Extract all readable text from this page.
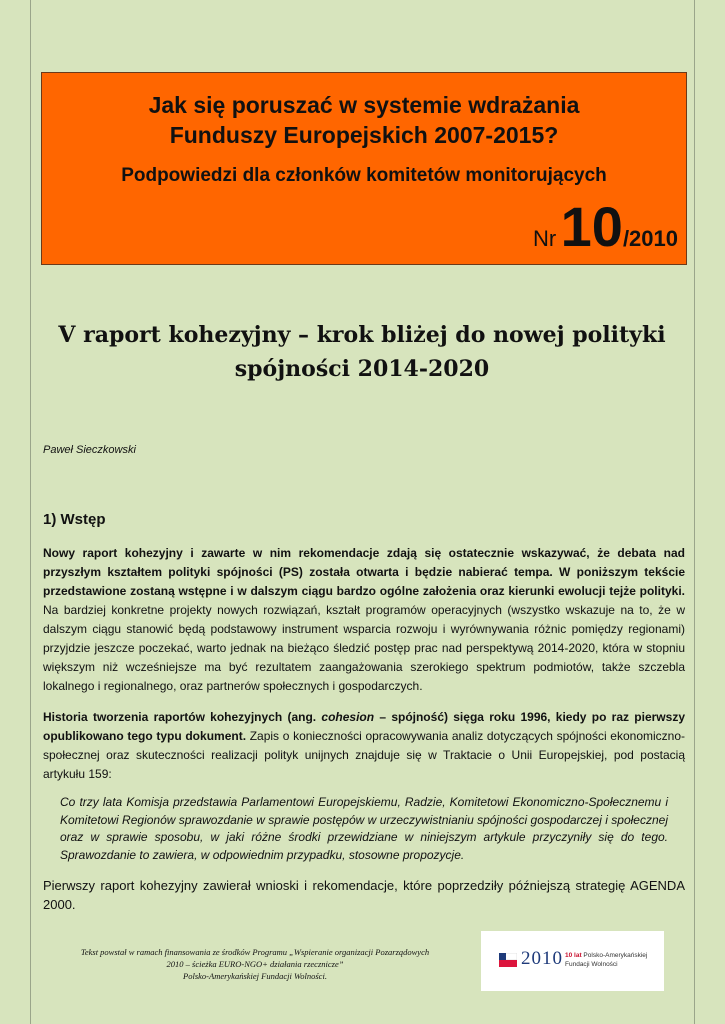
Jak się poruszać w systemie wdrażania
Funduszy Europejskich 2007-2015?
Podpowiedzi dla członków komitetów monitorujących
Nr 10/2010
V raport kohezyjny – krok bliżej do nowej polityki
spójności 2014-2020
Paweł Sieczkowski
1) Wstęp
Nowy raport kohezyjny i zawarte w nim rekomendacje zdają się ostatecznie wskazywać, że debata nad przyszłym kształtem polityki spójności (PS) została otwarta i będzie nabierać tempa. W poniższym tekście przedstawione zostaną wstępne i w dalszym ciągu bardzo ogólne założenia oraz kierunki ewolucji tejże polityki. Na bardziej konkretne projekty nowych rozwiązań, kształt programów operacyjnych (wszystko wskazuje na to, że w dalszym ciągu stanowić będą podstawowy instrument wsparcia rozwoju i wyrównywania różnic pomiędzy regionami) przyjdzie jeszcze poczekać, warto jednak na bieżąco śledzić postęp prac nad perspektywą 2014-2020, która w stopniu większym niż wcześniejsze ma być rezultatem zaangażowania szerokiego spektrum podmiotów, także szczebla lokalnego i regionalnego, oraz partnerów społecznych i gospodarczych.
Historia tworzenia raportów kohezyjnych (ang. cohesion – spójność) sięga roku 1996, kiedy po raz pierwszy opublikowano tego typu dokument. Zapis o konieczności opracowywania analiz dotyczących spójności ekonomiczno-społecznej oraz skuteczności realizacji polityk unijnych znajduje się w Traktacie o Unii Europejskiej, pod postacią artykułu 159:
Co trzy lata Komisja przedstawia Parlamentowi Europejskiemu, Radzie, Komitetowi Ekonomiczno-Społecznemu i Komitetowi Regionów sprawozdanie w sprawie postępów w urzeczywistnianiu spójności gospodarczej i społecznej oraz w sprawie sposobu, w jaki różne środki przewidziane w niniejszym artykule przyczyniły się do tego. Sprawozdanie to zawiera, w odpowiednim przypadku, stosowne propozycje.
Pierwszy raport kohezyjny zawierał wnioski i rekomendacje, które poprzedziły późniejszą strategię AGENDA 2000.
Tekst powstał w ramach finansowania ze środków Programu „Wspieranie organizacji Pozarządowych
2010 – ścieżka EURO-NGO+ działania rzecznicze”
Polsko-Amerykańskiej Fundacji Wolności.
2010 10 lat Polsko-Amerykańskiej
Fundacji Wolności
